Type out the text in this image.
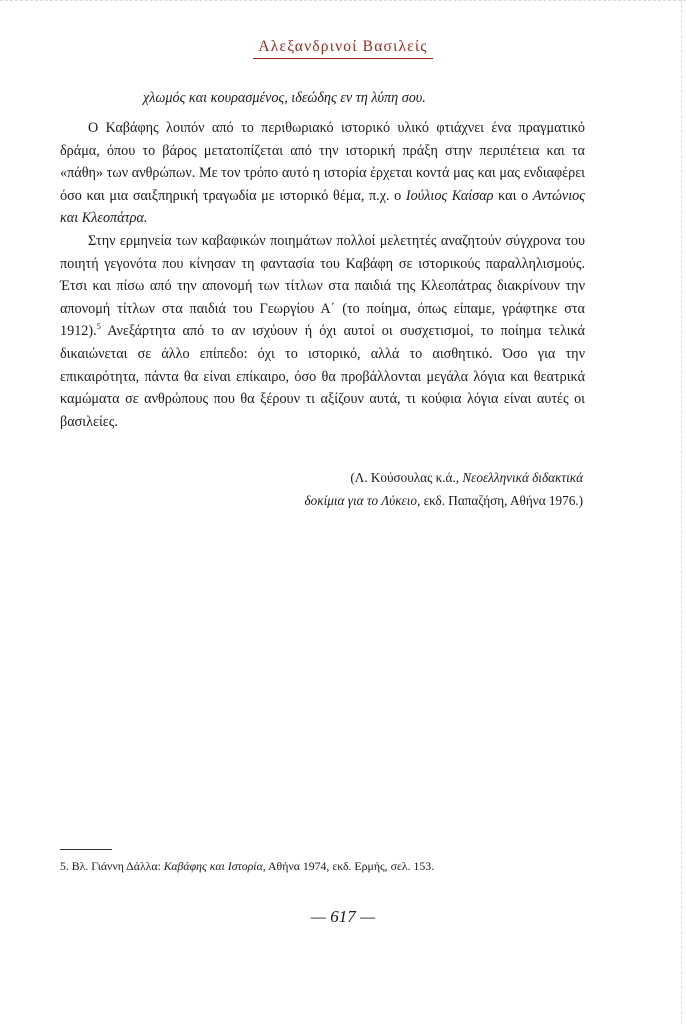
Αλεξανδρινοί Βασιλείς
χλωμός και κουρασμένος, ιδεώδης εν τη λύπη σου.

Ο Καβάφης λοιπόν από το περιθωριακό ιστορικό υλικό φτιάχνει ένα πραγματικό δράμα, όπου το βάρος μετατοπίζεται από την ιστορική πράξη στην περιπέτεια και τα «πάθη» των ανθρώπων. Με τον τρόπο αυτό η ιστορία έρχεται κοντά μας και μας ενδιαφέρει όσο και μια σαιξπηρική τραγωδία με ιστορικό θέμα, π.χ. ο Ιούλιος Καίσαρ και ο Αντώνιος και Κλεοπάτρα.

Στην ερμηνεία των καβαφικών ποιημάτων πολλοί μελετητές αναζητούν σύγχρονα του ποιητή γεγονότα που κίνησαν τη φαντασία του Καβάφη σε ιστορικούς παραλληλισμούς. Έτσι και πίσω από την απονομή των τίτλων στα παιδιά της Κλεοπάτρας διακρίνουν την απονομή τίτλων στα παιδιά του Γεωργίου Α΄ (το ποίημα, όπως είπαμε, γράφτηκε στα 1912).$^5$ Ανεξάρτητα από το αν ισχύουν ή όχι αυτοί οι συσχετισμοί, το ποίημα τελικά δικαιώνεται σε άλλο επίπεδο: όχι το ιστορικό, αλλά το αισθητικό. Όσο για την επικαιρότητα, πάντα θα είναι επίκαιρο, όσο θα προβάλλονται μεγάλα λόγια και θεατρικά καμώματα σε ανθρώπους που θα ξέρουν τι αξίζουν αυτά, τι κούφια λόγια είναι αυτές οι βασιλείες.

(Λ. Κούσουλας κ.ά., Νεοελληνικά διδακτικά
δοκίμια για το Λύκειο, εκδ. Παπαζήση, Αθήνα 1976.)
5. Βλ. Γιάννη Δάλλα: Καβάφης και Ιστορία, Αθήνα 1974, εκδ. Ερμής, σελ. 153.
— 617 —
